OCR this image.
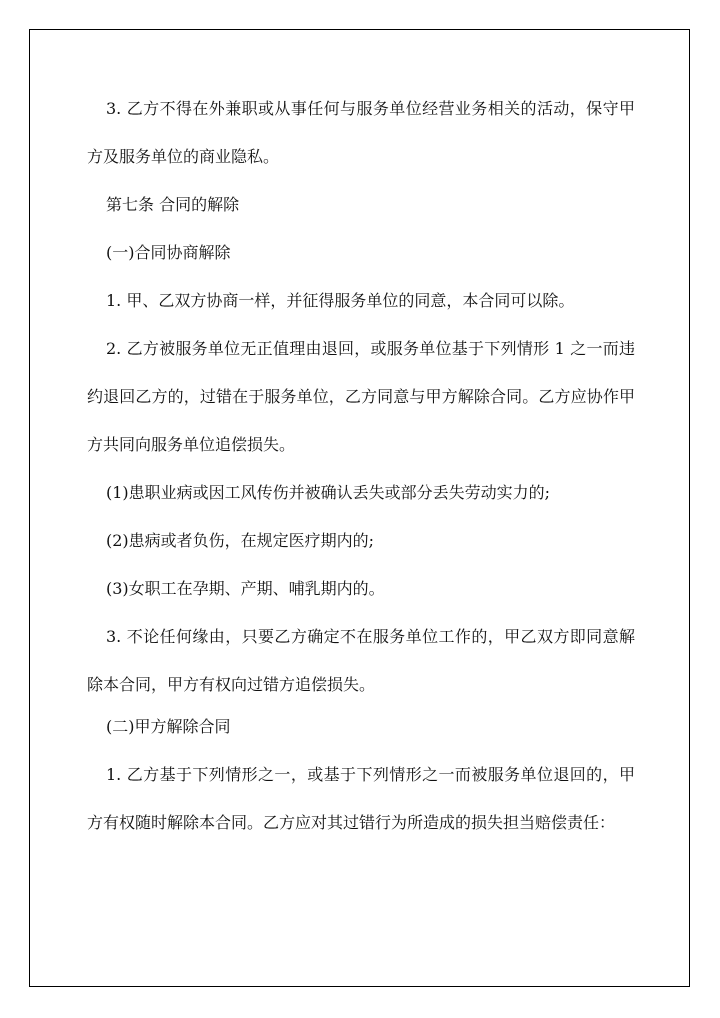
3. 乙方不得在外兼职或从事任何与服务单位经营业务相关的活动，保守甲方及服务单位的商业隐私。

第七条 合同的解除

(一)合同协商解除

1. 甲、乙双方协商一样，并征得服务单位的同意，本合同可以除。

2. 乙方被服务单位无正值理由退回，或服务单位基于下列情形 1 之一而违约退回乙方的，过错在于服务单位，乙方同意与甲方解除合同。乙方应协作甲方共同向服务单位追偿损失。

(1)患职业病或因工风传伤并被确认丢失或部分丢失劳动实力的;

(2)患病或者负伤，在规定医疗期内的;

(3)女职工在孕期、产期、哺乳期内的。

3. 不论任何缘由，只要乙方确定不在服务单位工作的，甲乙双方即同意解除本合同，甲方有权向过错方追偿损失。

(二)甲方解除合同

1. 乙方基于下列情形之一，或基于下列情形之一而被服务单位退回的，甲方有权随时解除本合同。乙方应对其过错行为所造成的损失担当赔偿责任：
